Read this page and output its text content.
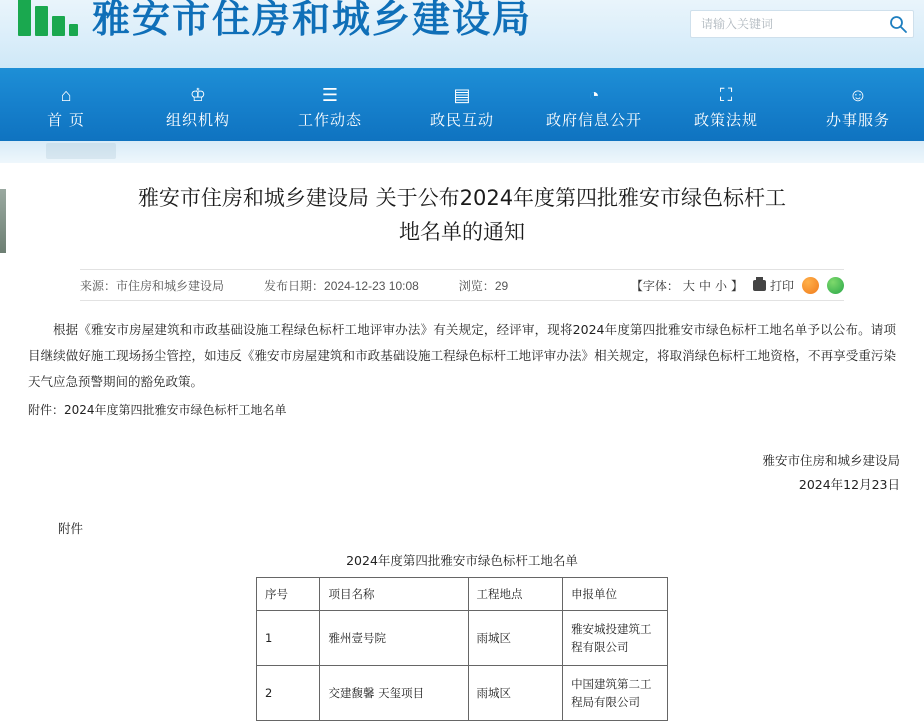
雅安市住房和城乡建设局
请输入关键词
⌂
首 页
♔
组织机构
☰
工作动态
▤
政民互动
◔
政府信息公开
⛶
政策法规
☺
办事服务
雅安市住房和城乡建设局 关于公布2024年度第四批雅安市绿色标杆工地名单的通知
来源：市住房和城乡建设局	发布日期：2024-12-23 10:08	浏览：29	【字体： 大 中 小 】 打印

根据《雅安市房屋建筑和市政基础设施工程绿色标杆工地评审办法》有关规定，经评审，现将2024年度第四批雅安市绿色标杆工地名单予以公布。请项目继续做好施工现场扬尘管控，如违反《雅安市房屋建筑和市政基础设施工程绿色标杆工地评审办法》相关规定，将取消绿色标杆工地资格，不再享受重污染天气应急预警期间的豁免政策。

附件：2024年度第四批雅安市绿色标杆工地名单

雅安市住房和城乡建设局
2024年12月23日
附件
2024年度第四批雅安市绿色标杆工地名单
序号	项目名称	工程地点	申报单位
1	雅州壹号院	雨城区	雅安城投建筑工程有限公司
2	交建馥馨 天玺项目	雨城区	中国建筑第二工程局有限公司
